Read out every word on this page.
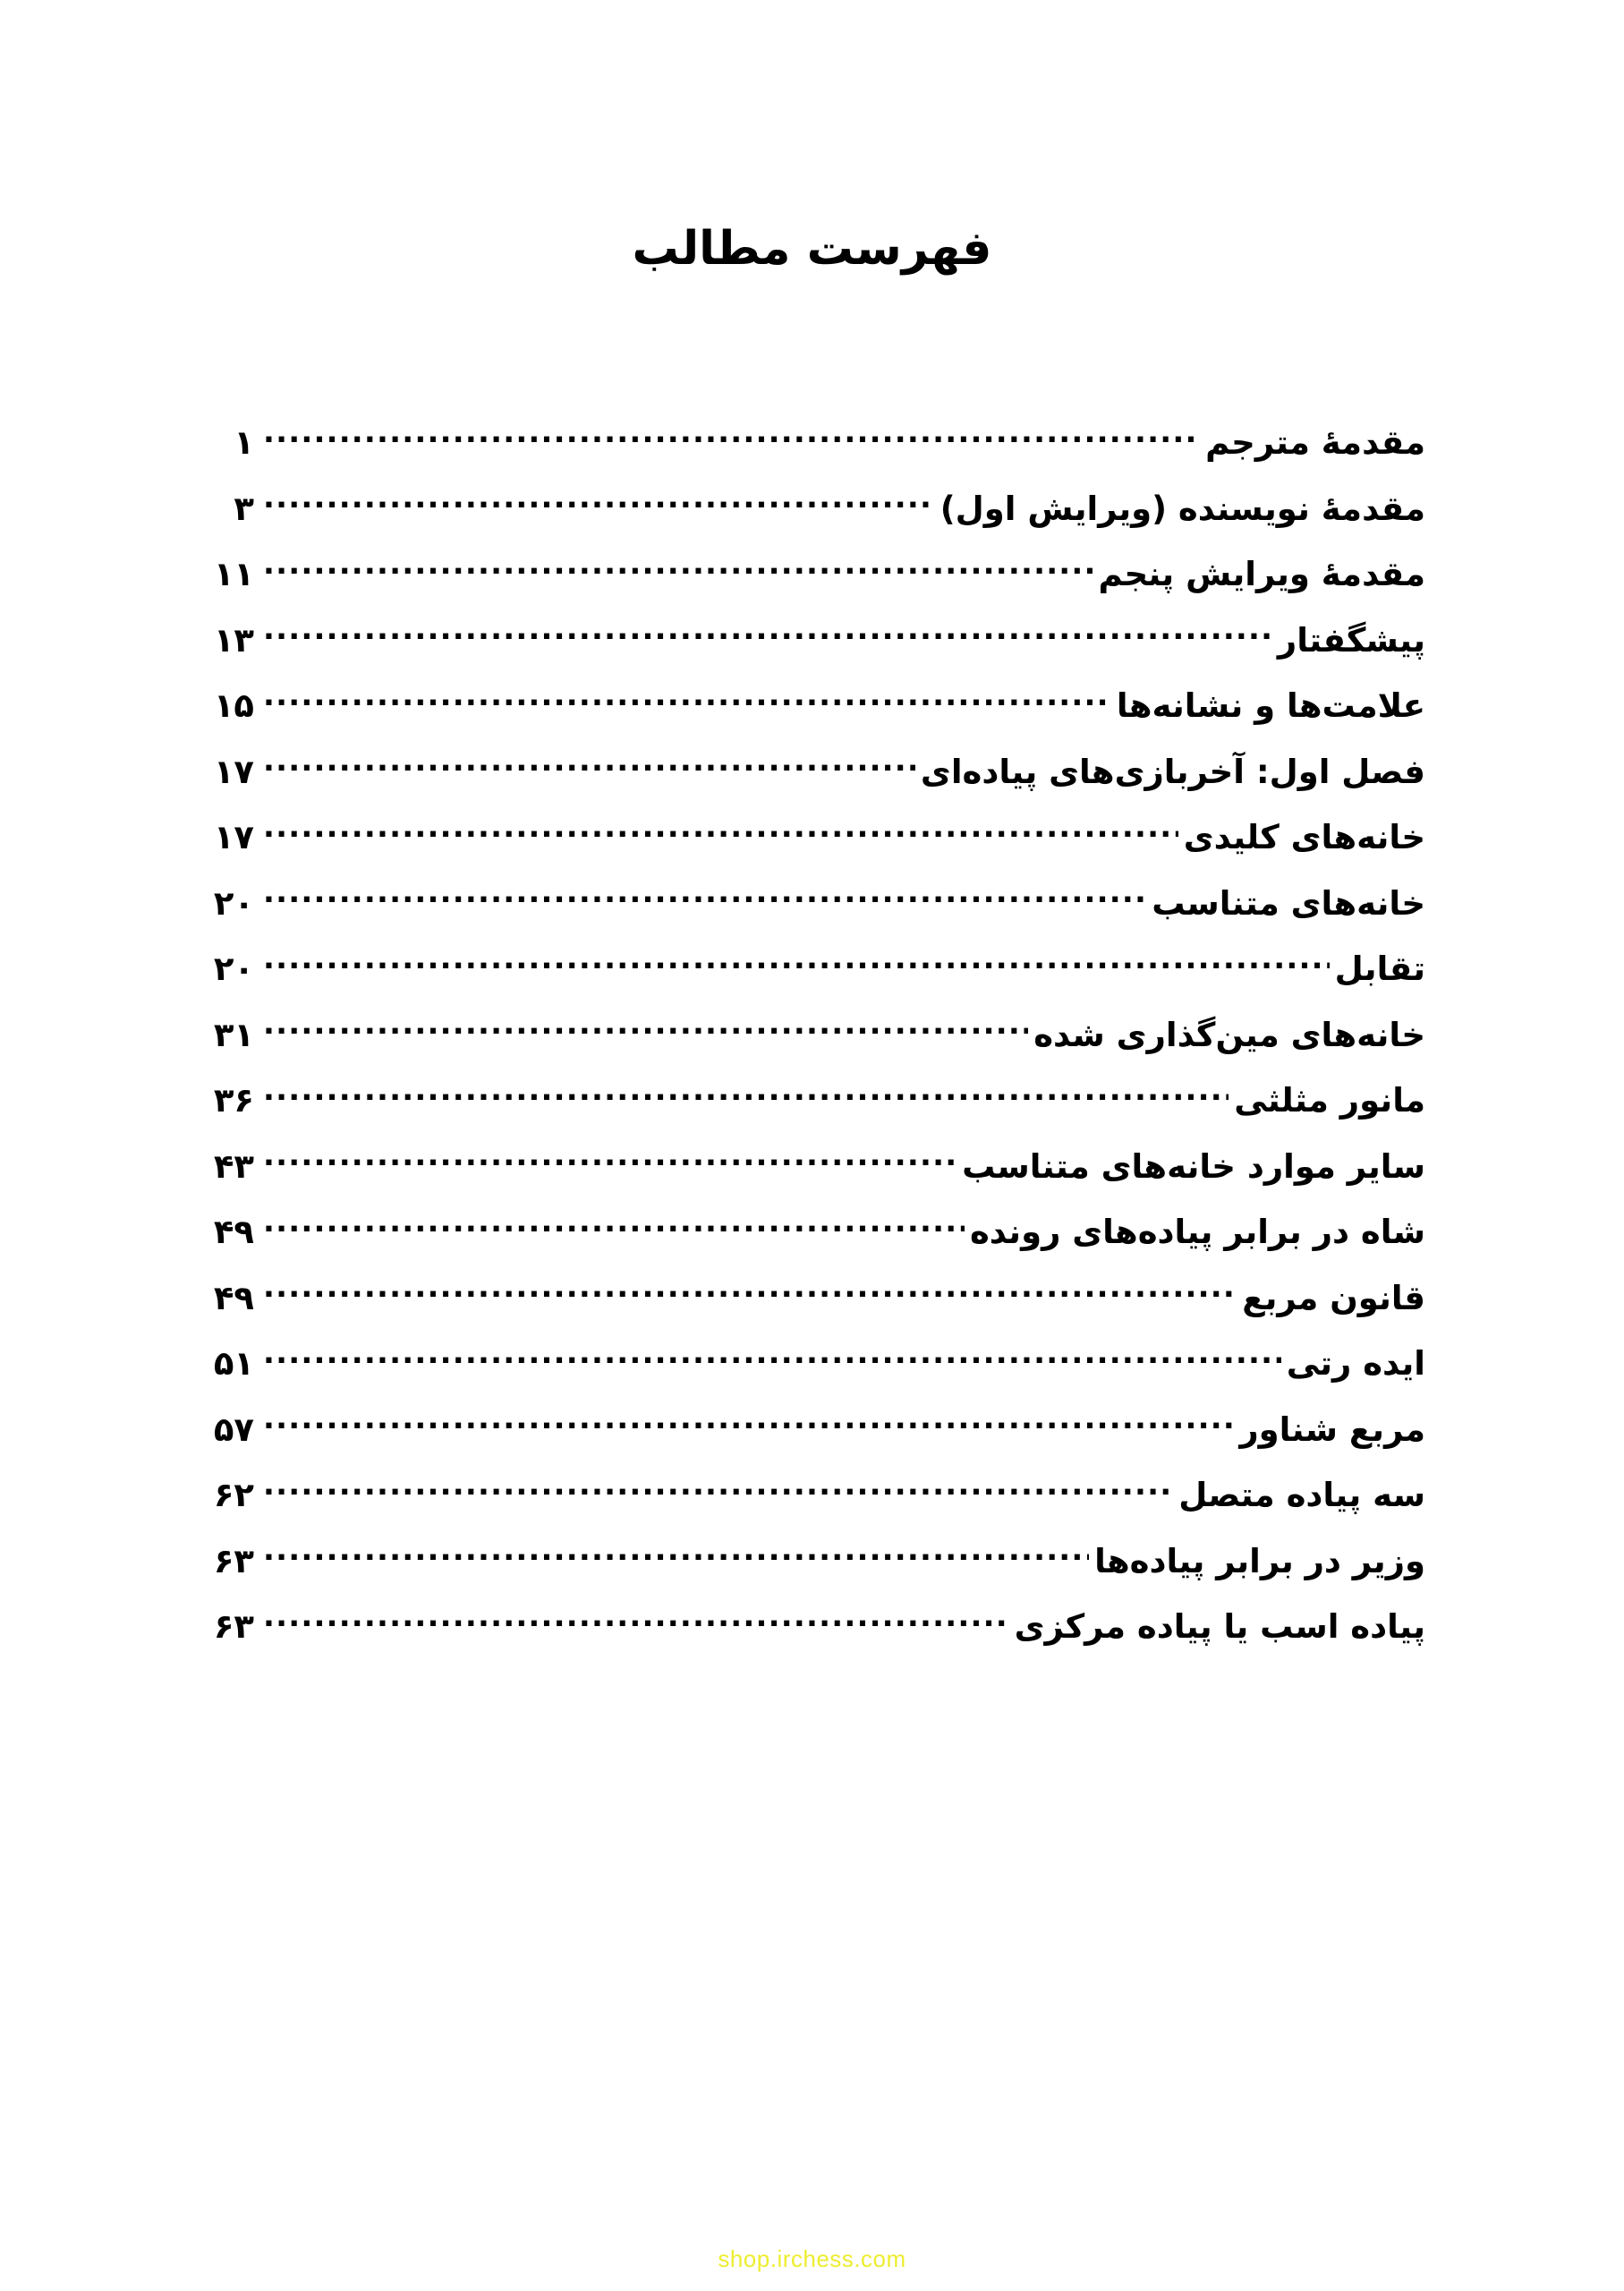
فهرست مطالب
مقدمۀ مترجم
.....
۱
مقدمۀ نویسنده (ویرایش اول)
.....
۳
مقدمۀ ویرایش پنجم
.....
۱۱
پیشگفتار
.....
۱۳
علامت‌ها و نشانه‌ها
.....
۱۵
فصل اول: آخربازی‌های پیاده‌ای
.....
۱۷
خانه‌های کلیدی
.....
۱۷
خانه‌های متناسب
.....
۲۰
تقابل
.....
۲۰
خانه‌های مین‌گذاری شده
.....
۳۱
مانور مثلثی
.....
۳۶
سایر موارد خانه‌های متناسب
.....
۴۳
شاه در برابر پیاده‌های رونده
.....
۴۹
قانون مربع
.....
۴۹
ایده رتی
.....
۵۱
مربع شناور
.....
۵۷
سه پیاده متصل
.....
۶۲
وزیر در برابر پیاده‌ها
.....
۶۳
پیاده اسب یا پیاده مرکزی
.....
۶۳
shop.irchess.com
